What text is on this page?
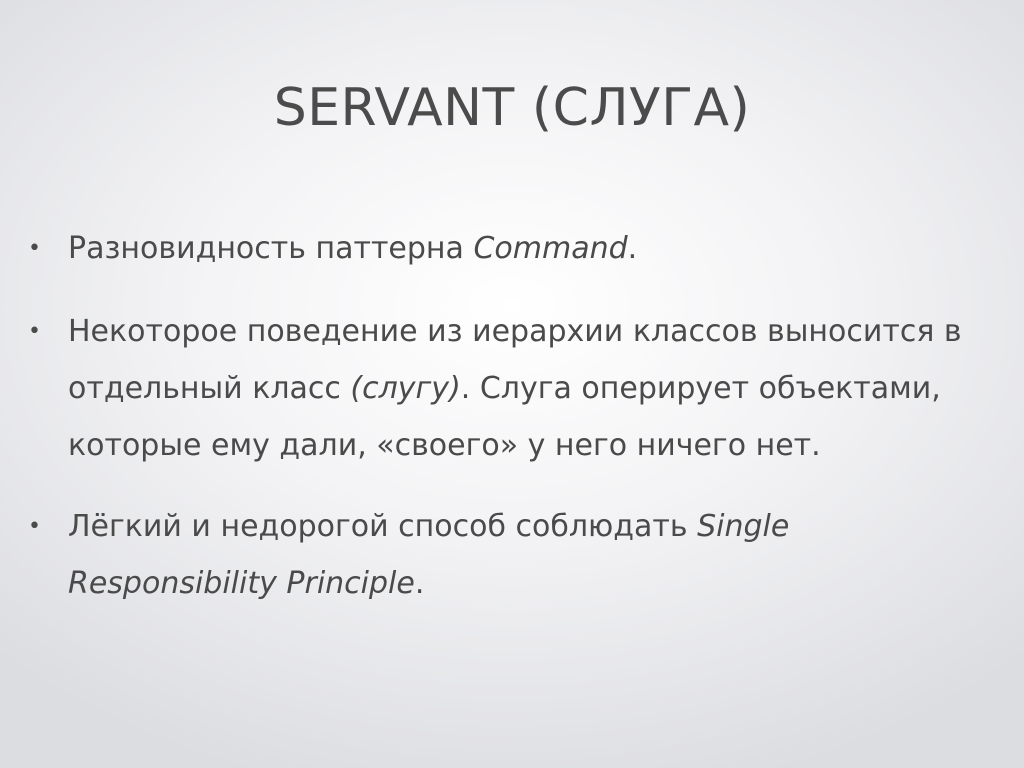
SERVANT (СЛУГА)
• Разновидность паттерна Command.
• Некоторое поведение из иерархии классов выносится в отдельный класс (слугу). Слуга оперирует объектами, которые ему дали, «своего» у него ничего нет.
• Лёгкий и недорогой способ соблюдать Single Responsibility Principle.
